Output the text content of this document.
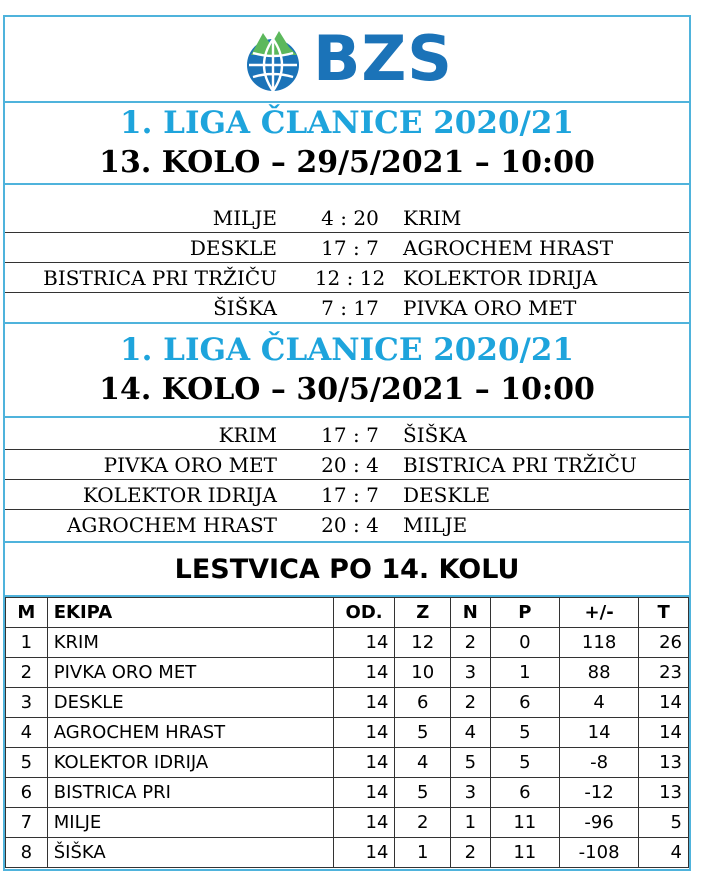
BZS
1. LIGA ČLANICE 2020/21
13. KOLO – 29/5/2021 – 10:00
MILJE	4 : 20	KRIM
DESKLE	17 : 7	AGROCHEM HRAST
BISTRICA PRI TRŽIČU	12 : 12 KOLEKTOR IDRIJA
ŠIŠKA	7 : 17	PIVKA ORO MET
1. LIGA ČLANICE 2020/21
14. KOLO – 30/5/2021 – 10:00
KRIM	17 : 7	ŠIŠKA
PIVKA ORO MET	20 : 4	BISTRICA PRI TRŽIČU
KOLEKTOR IDRIJA	17 : 7	DESKLE
AGROCHEM HRAST	20 : 4	MILJE
LESTVICA PO 14. KOLU
M	EKIPA	OD.	Z	N	P	+/-	T
1	KRIM	14	12	2	0	118	26
2	PIVKA ORO MET	14	10	3	1	88	23
3	DESKLE	14	6	2	6	4	14
4	AGROCHEM HRAST	14	5	4	5	14	14
5	KOLEKTOR IDRIJA	14	4	5	5	-8	13
6	BISTRICA PRI	14	5	3	6	-12	13
7	MILJE	14	2	1	11	-96	5
8	ŠIŠKA	14	1	2	11	-108	4
